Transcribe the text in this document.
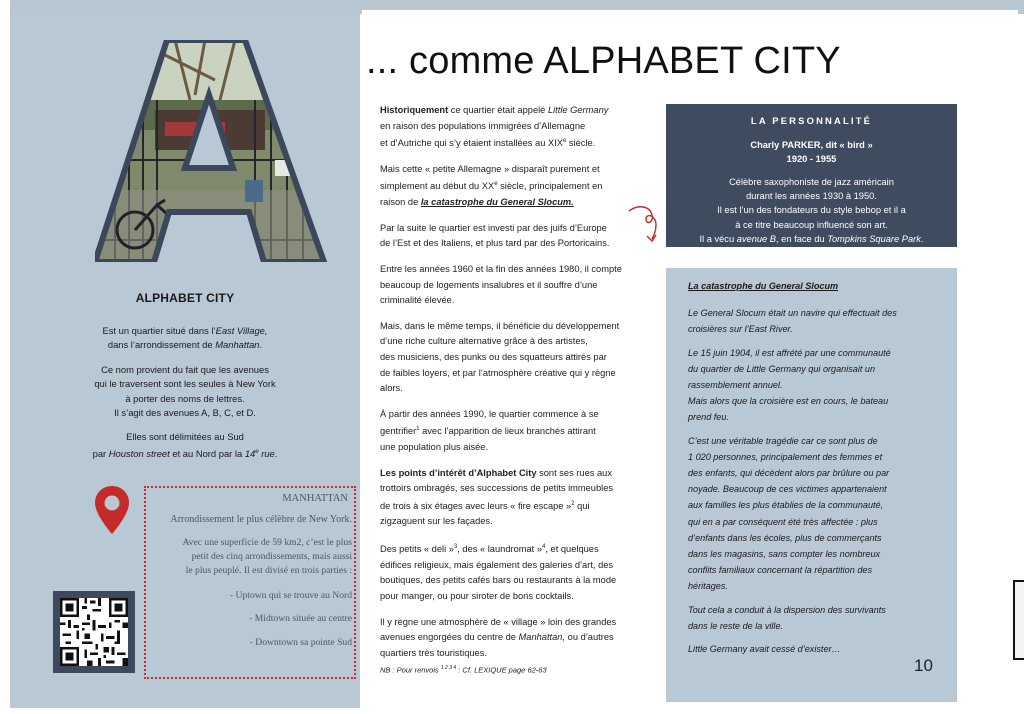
ALPHABET CITY

Est un quartier situé dans l’East Village,
dans l’arrondissement de Manhattan.

Ce nom provient du fait que les avenues
qui le traversent sont les seules à New York
à porter des noms de lettres.
Il s’agit des avenues A, B, C, et D.

Elles sont délimitées au Sud
par Houston street et au Nord par la 14e rue.

MANHATTAN
Arrondissement le plus célèbre de New York.
Avec une superficie de 59 km2, c’est le plus
petit des cinq arrondissements, mais aussi
le plus peuplé. Il est divisé en trois parties :
- Uptown qui se trouve au Nord
- Midtown située au centre
- Downtown sa pointe Sud
... comme ALPHABET CITY

Historiquement ce quartier était appelé Little Germany
en raison des populations immigrées d’Allemagne
et d’Autriche qui s’y étaient installées au XIXe siècle.

Mais cette « petite Allemagne » disparaît purement et
simplement au début du XXe siècle, principalement en
raison de la catastrophe du General Slocum.

Par la suite le quartier est investi par des juifs d’Europe
de l’Est et des Italiens, et plus tard par des Portoricains.

Entre les années 1960 et la fin des années 1980, il compte
beaucoup de logements insalubres et il souffre d’une
criminalité élevée.

Mais, dans le même temps, il bénéficie du développement
d’une riche culture alternative grâce à des artistes,
des musiciens, des punks ou des squatteurs attirés par
de faibles loyers, et par l’atmosphère créative qui y règne
alors.

À partir des années 1990, le quartier commence à se
gentrifier$^1$ avec l’apparition de lieux branchés attirant
une population plus aisée.

Les points d’intérêt d’Alphabet City sont ses rues aux
trottoirs ombragés, ses successions de petits immeubles
de trois à six étages avec leurs « fire escape »$^2$ qui
zigzaguent sur les façades.

Des petits « deli »$^3$, des « laundromat »$^4$, et quelques
édifices religieux, mais également des galeries d’art, des
boutiques, des petits cafés bars ou restaurants à la mode
pour manger, ou pour siroter de bons cocktails.

Il y règne une atmosphère de « village » loin des grandes
avenues engorgées du centre de Manhattan, ou d’autres
quartiers très touristiques.

NB : Pour renvois $^{1 2 3 4}$ : Cf. LEXIQUE page 62-63
LA PERSONNALITÉ
Charly PARKER, dit « bird »
1920 - 1955
Célèbre saxophoniste de jazz américain
durant les années 1930 à 1950.
Il est l’un des fondateurs du style bebop et il a
à ce titre beaucoup influencé son art.
Il a vécu avenue B, en face du Tompkins Square Park.

La catastrophe du General Slocum

Le General Slocum était un navire qui effectuait des
croisières sur l’East River.

Le 15 juin 1904, il est affrété par une communauté
du quartier de Little Germany qui organisait un
rassemblement annuel.
Mais alors que la croisière est en cours, le bateau
prend feu.

C’est une véritable tragédie car ce sont plus de
1 020 personnes, principalement des femmes et
des enfants, qui décèdent alors par brûlure ou par
noyade. Beaucoup de ces victimes appartenaient
aux familles les plus établies de la communauté,
qui en a par conséquent été très affectée : plus
d’enfants dans les écoles, plus de commerçants
dans les magasins, sans compter les nombreux
conflits familiaux concernant la répartition des
héritages.

Tout cela a conduit à la dispersion des survivants
dans le reste de la ville.

Little Germany avait cessé d’exister…

10
